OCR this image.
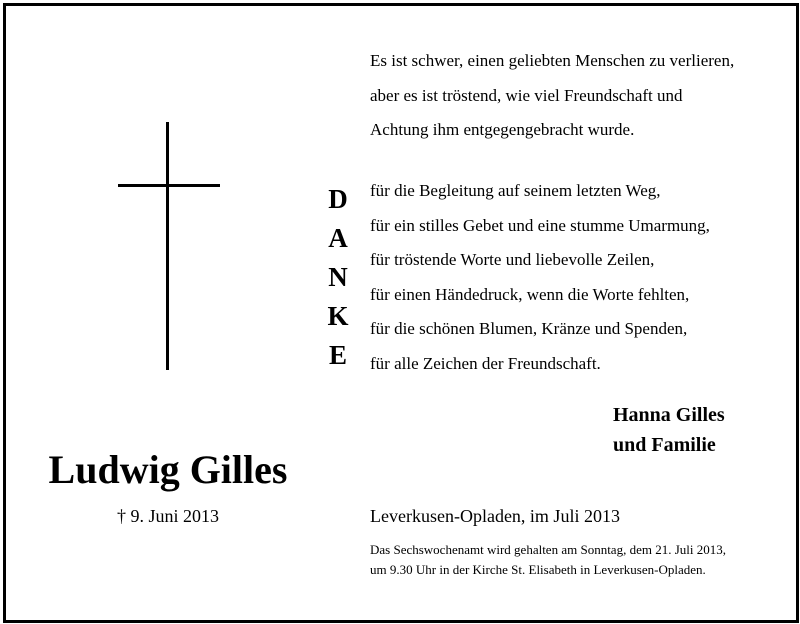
Ludwig Gilles
† 9. Juni 2013
D
A
N
K
E
Es ist schwer, einen geliebten Menschen zu verlieren,
aber es ist tröstend, wie viel Freundschaft und
Achtung ihm entgegengebracht wurde.
für die Begleitung auf seinem letzten Weg,
für ein stilles Gebet und eine stumme Umarmung,
für tröstende Worte und liebevolle Zeilen,
für einen Händedruck, wenn die Worte fehlten,
für die schönen Blumen, Kränze und Spenden,
für alle Zeichen der Freundschaft.
Hanna Gilles
und Familie
Leverkusen-Opladen, im Juli 2013
Das Sechswochenamt wird gehalten am Sonntag, dem 21. Juli 2013,
um 9.30 Uhr in der Kirche St. Elisabeth in Leverkusen-Opladen.
